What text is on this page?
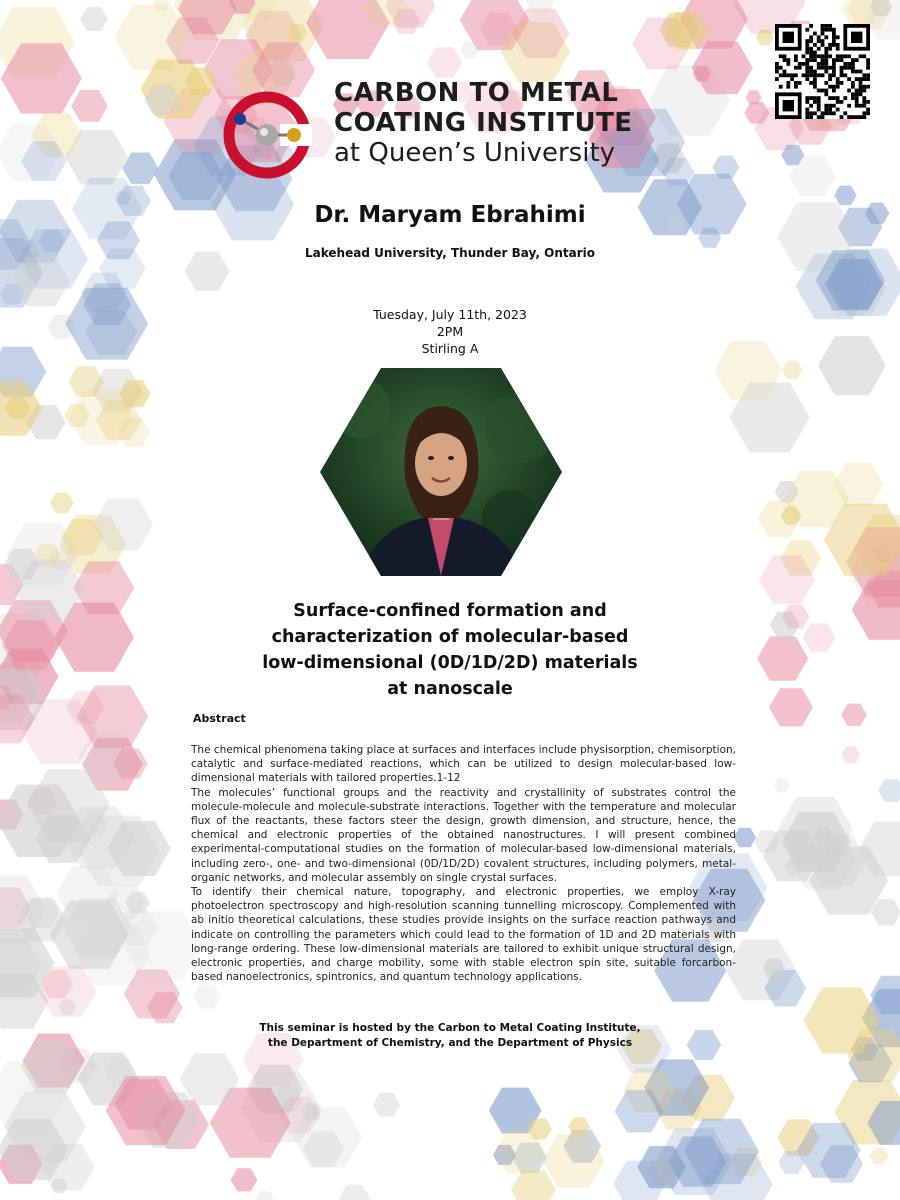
CARBON TO METAL
COATING INSTITUTE
at Queen’s University
Dr. Maryam Ebrahimi
Lakehead University, Thunder Bay, Ontario
Tuesday, July 11th, 2023
2PM
Stirling A
Surface-confined formation and
characterization of molecular-based
low-dimensional (0D/1D/2D) materials
at nanoscale
Abstract

The chemical phenomena taking place at surfaces and interfaces include physisorption, chemisorption, catalytic and surface-mediated reactions, which can be utilized to design molecular-based low-dimensional materials with tailored properties.1-12

The molecules’ functional groups and the reactivity and crystallinity of substrates control the molecule-molecule and molecule-substrate interactions. Together with the temperature and molecular flux of the reactants, these factors steer the design, growth dimension, and structure, hence, the chemical and electronic properties of the obtained nanostructures. I will present combined experimental-computational studies on the formation of molecular-based low-dimensional materials, including zero-, one- and two-dimensional (0D/1D/2D) covalent structures, including polymers, metal-organic networks, and molecular assembly on single crystal surfaces.

To identify their chemical nature, topography, and electronic properties, we employ X-ray photoelectron spectroscopy and high-resolution scanning tunnelling microscopy. Complemented with ab initio theoretical calculations, these studies provide insights on the surface reaction pathways and indicate on controlling the parameters which could lead to the formation of 1D and 2D materials with long-range ordering. These low-dimensional materials are tailored to exhibit unique structural design, electronic properties, and charge mobility, some with stable electron spin site, suitable forcarbon-based nanoelectronics, spintronics, and quantum technology applications.

This seminar is hosted by the Carbon to Metal Coating Institute,
the Department of Chemistry, and the Department of Physics
